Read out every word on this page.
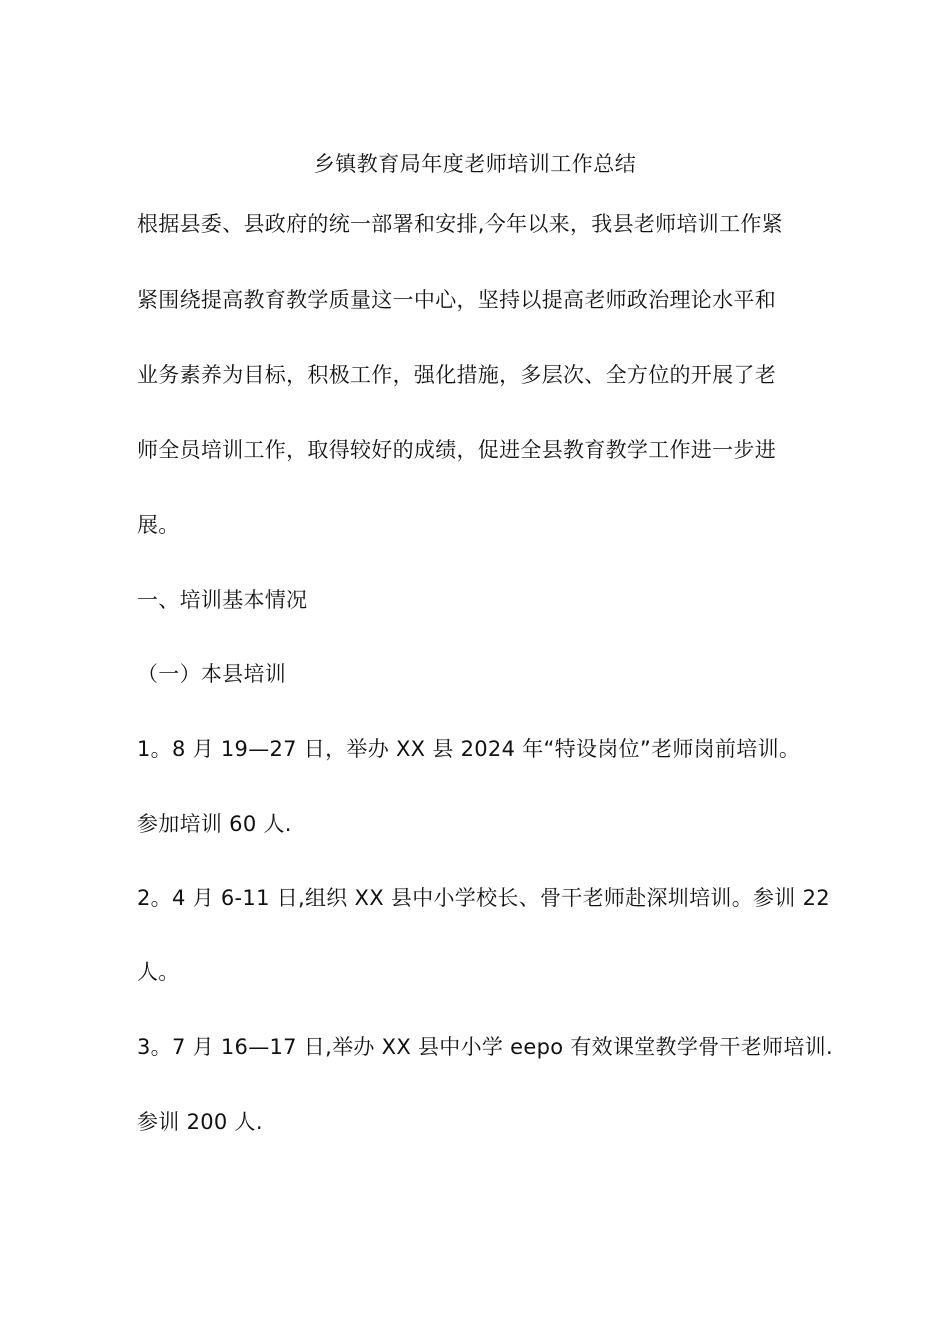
乡镇教育局年度老师培训工作总结
根据县委、县政府的统一部署和安排,今年以来，我县老师培训工作紧
紧围绕提高教育教学质量这一中心，坚持以提高老师政治理论水平和
业务素养为目标，积极工作，强化措施，多层次、全方位的开展了老
师全员培训工作，取得较好的成绩，促进全县教育教学工作进一步进
展。
一、培训基本情况
（一）本县培训
1。8 月 19—27 日，举办 XX 县 2024 年“特设岗位”老师岗前培训。
参加培训 60 人.
2。4 月 6-11 日,组织 XX 县中小学校长、骨干老师赴深圳培训。参训 22
人。
3。7 月 16—17 日,举办 XX 县中小学 eepo 有效课堂教学骨干老师培训.
参训 200 人.
